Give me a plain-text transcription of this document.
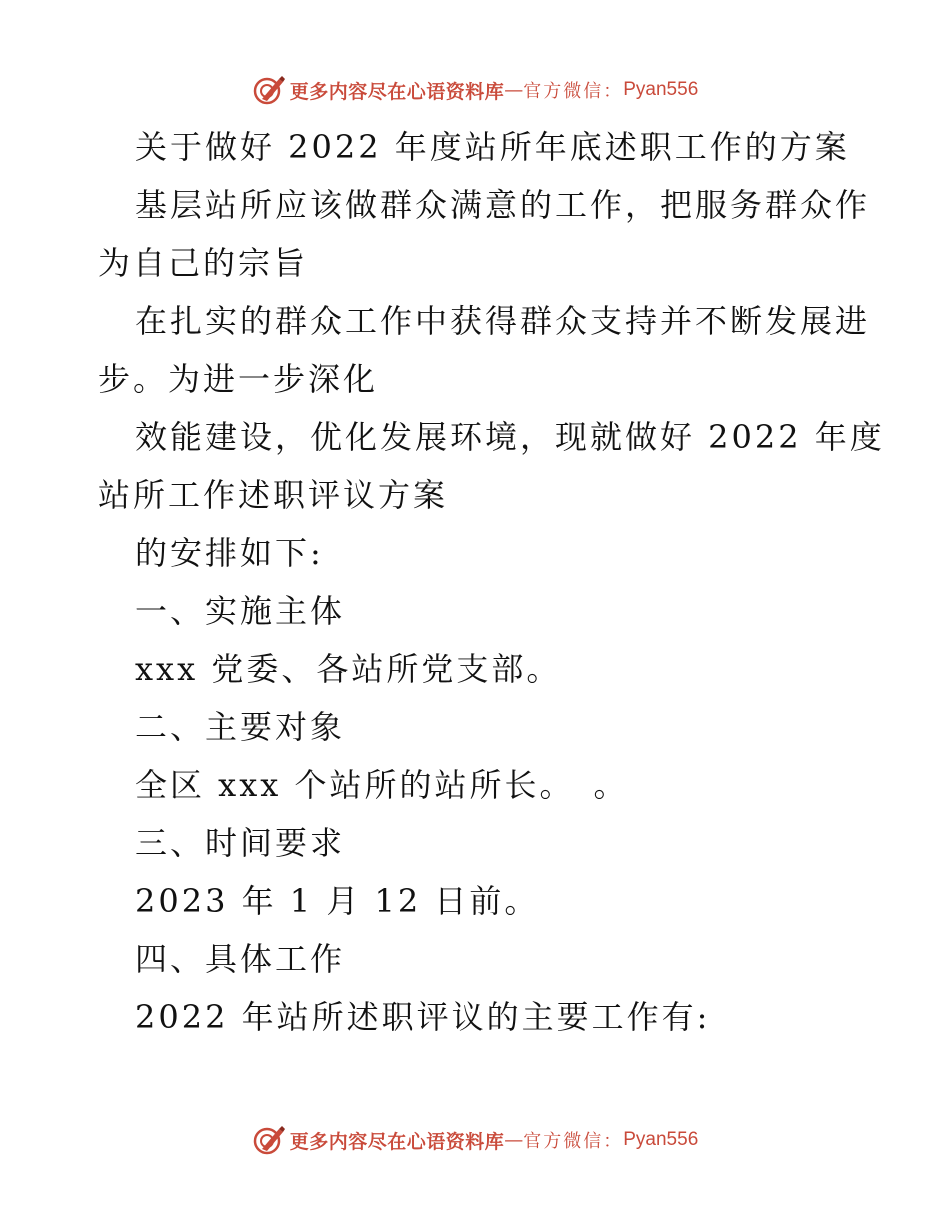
更多内容尽在心语资料库 — 官方微信： Pyan556
关于做好 2022 年度站所年底述职工作的方案
基层站所应该做群众满意的工作，把服务群众作
为自己的宗旨
在扎实的群众工作中获得群众支持并不断发展进
步。为进一步深化
效能建设，优化发展环境，现就做好 2022 年度
站所工作述职评议方案
的安排如下:
一、实施主体
xxx 党委、各站所党支部。
二、主要对象
全区 xxx 个站所的站所长。　。
三、时间要求
2023 年 1 月 12 日前。
四、具体工作
2022 年站所述职评议的主要工作有:
更多内容尽在心语资料库 — 官方微信： Pyan556
